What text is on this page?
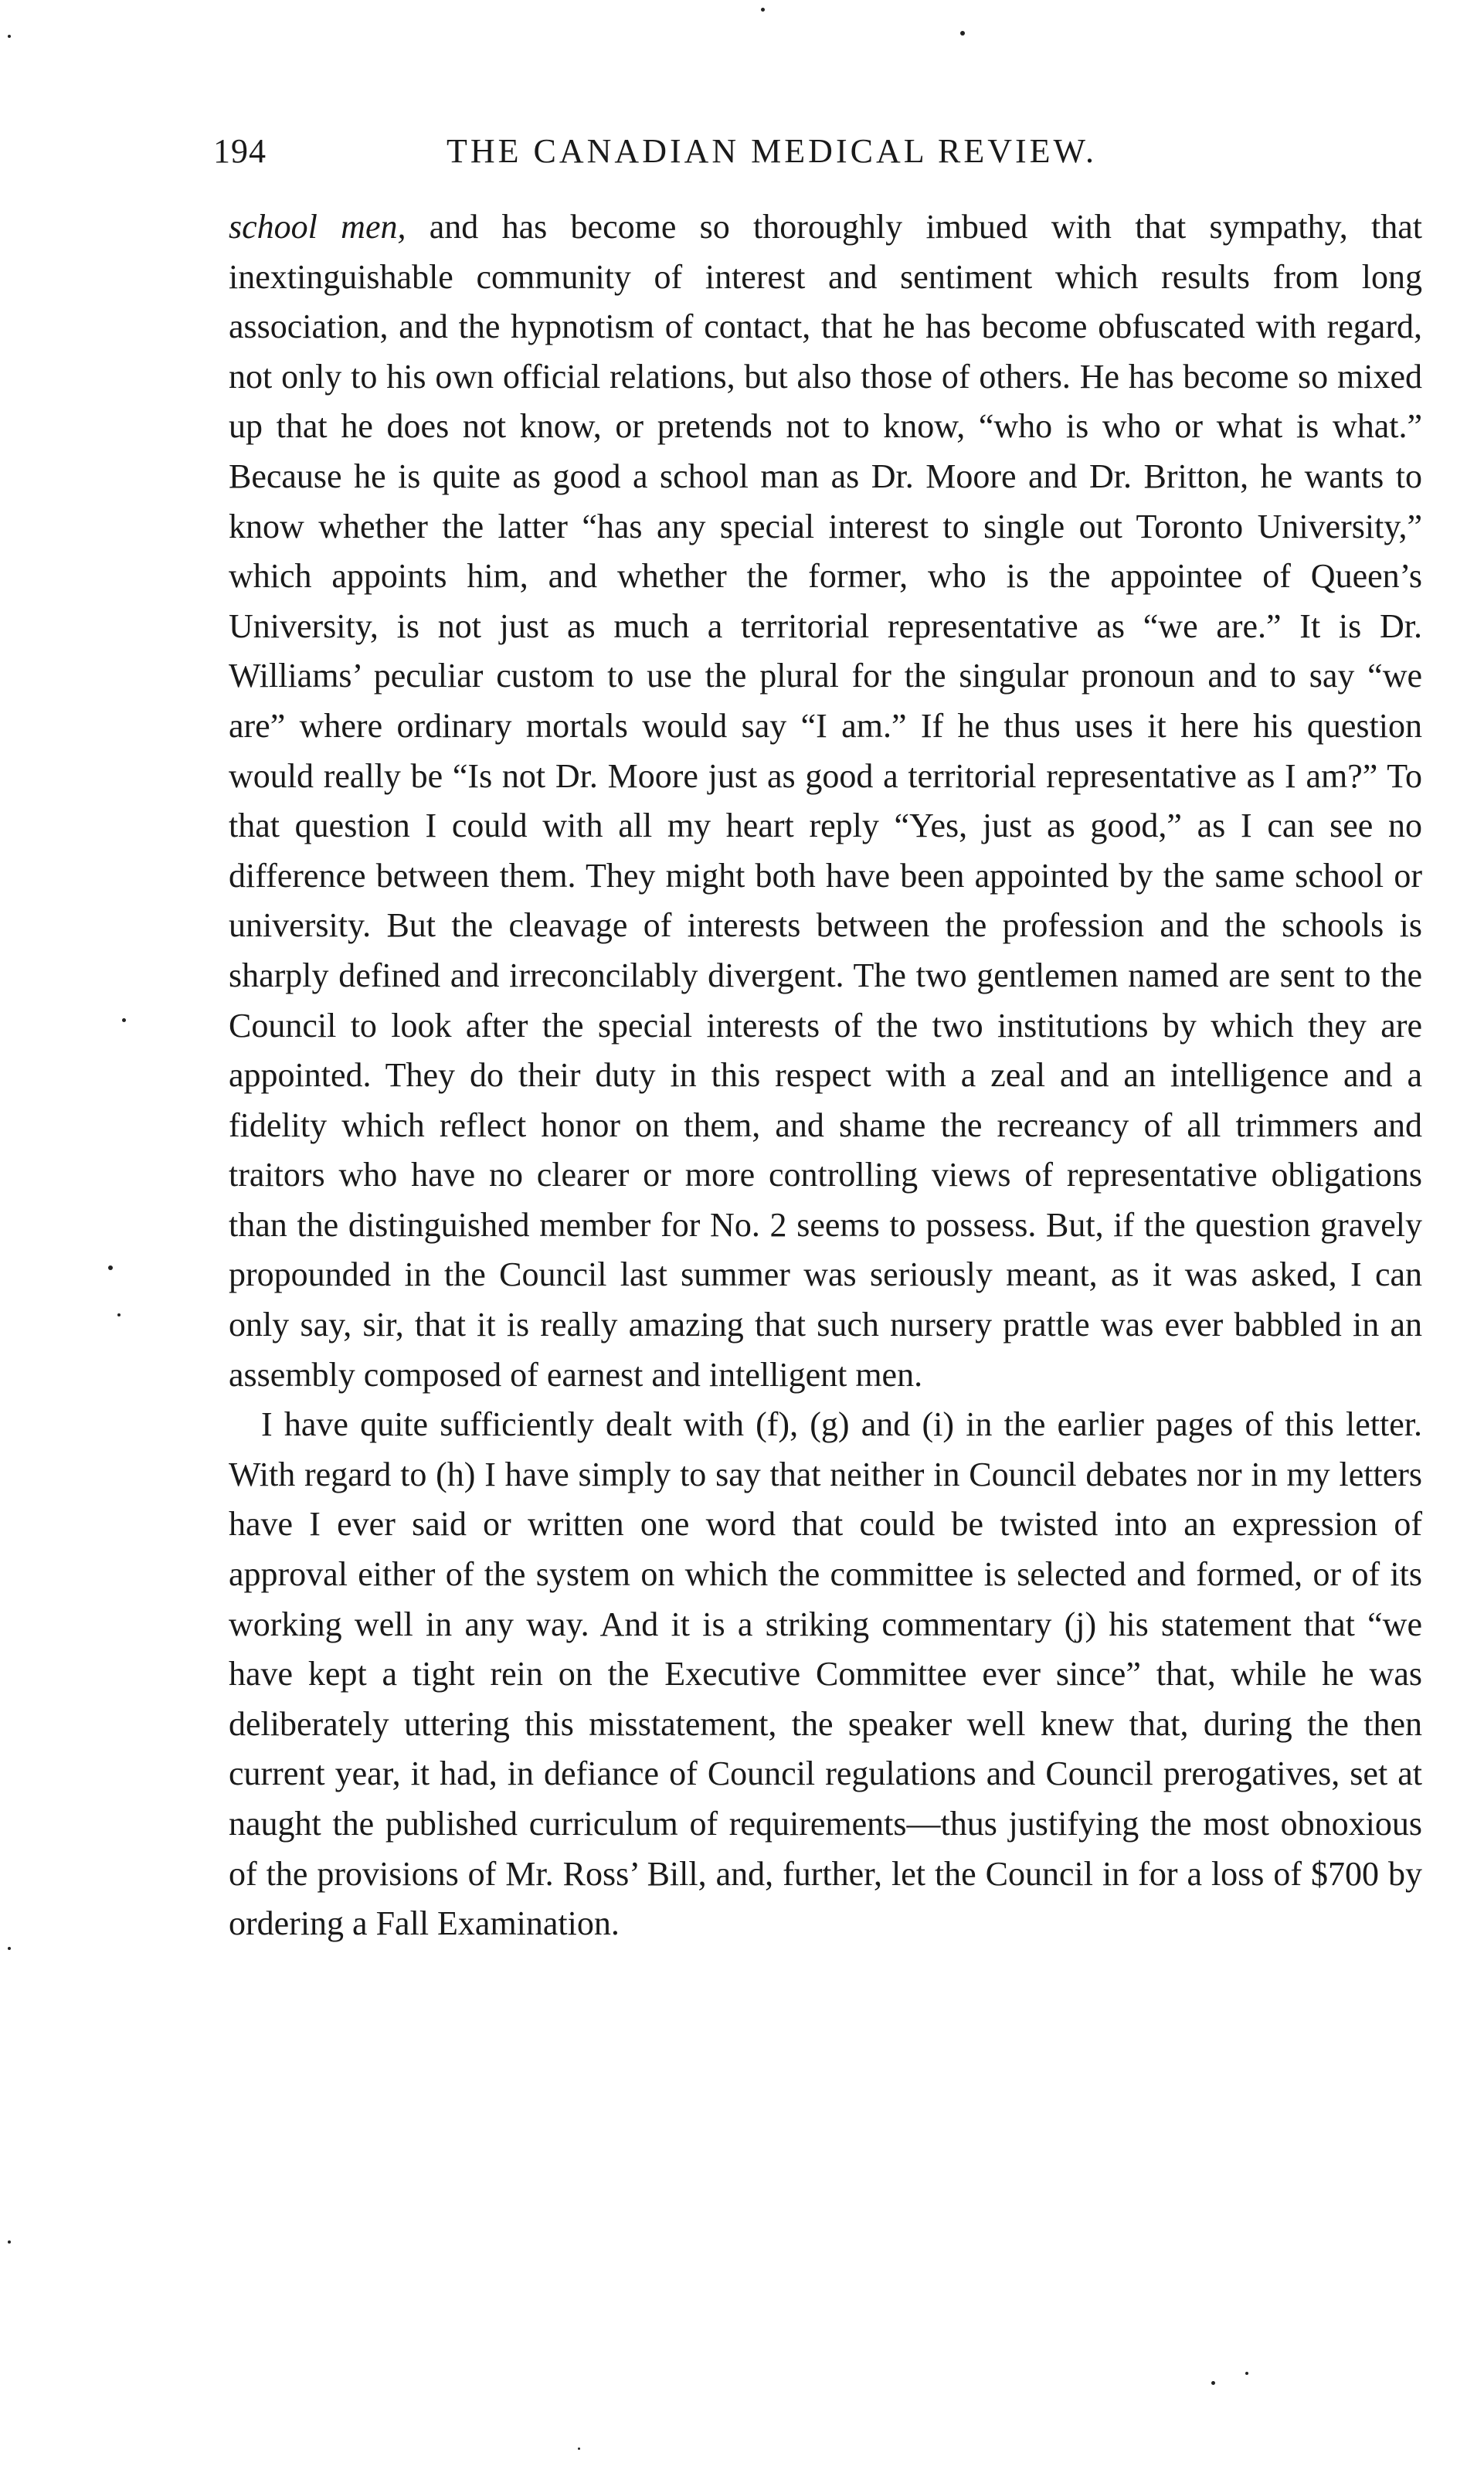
194	THE CANADIAN MEDICAL REVIEW.

school men, and has become so thoroughly imbued with that sympathy, that inextinguishable community of interest and sentiment which results from long association, and the hypnotism of contact, that he has become obfuscated with regard, not only to his own official relations, but also those of others. He has become so mixed up that he does not know, or pretends not to know, “who is who or what is what.” Because he is quite as good a school man as Dr. Moore and Dr. Britton, he wants to know whether the latter “has any special interest to single out Toronto University,” which appoints him, and whether the former, who is the appointee of Queen’s University, is not just as much a territorial representative as “we are.” It is Dr. Williams’ peculiar custom to use the plural for the singular pronoun and to say “we are” where ordinary mortals would say “I am.” If he thus uses it here his question would really be “Is not Dr. Moore just as good a territorial representative as I am?” To that question I could with all my heart reply “Yes, just as good,” as I can see no difference between them. They might both have been appointed by the same school or university. But the cleavage of interests between the profession and the schools is sharply defined and irreconcilably divergent. The two gentlemen named are sent to the Council to look after the special interests of the two institutions by which they are appointed. They do their duty in this respect with a zeal and an intelligence and a fidelity which reflect honor on them, and shame the recreancy of all trimmers and traitors who have no clearer or more controlling views of representative obligations than the distinguished member for No. 2 seems to possess. But, if the question gravely propounded in the Council last summer was seriously meant, as it was asked, I can only say, sir, that it is really amazing that such nursery prattle was ever babbled in an assembly composed of earnest and intelligent men.

I have quite sufficiently dealt with (f), (g) and (i) in the earlier pages of this letter. With regard to (h) I have simply to say that neither in Council debates nor in my letters have I ever said or written one word that could be twisted into an expression of approval either of the system on which the committee is selected and formed, or of its working well in any way. And it is a striking commentary (j) his statement that “we have kept a tight rein on the Executive Committee ever since” that, while he was deliberately uttering this misstatement, the speaker well knew that, during the then current year, it had, in defiance of Council regulations and Council prerogatives, set at naught the published curriculum of requirements—thus justifying the most obnoxious of the provisions of Mr. Ross’ Bill, and, further, let the Council in for a loss of $700 by ordering a Fall Examination.
